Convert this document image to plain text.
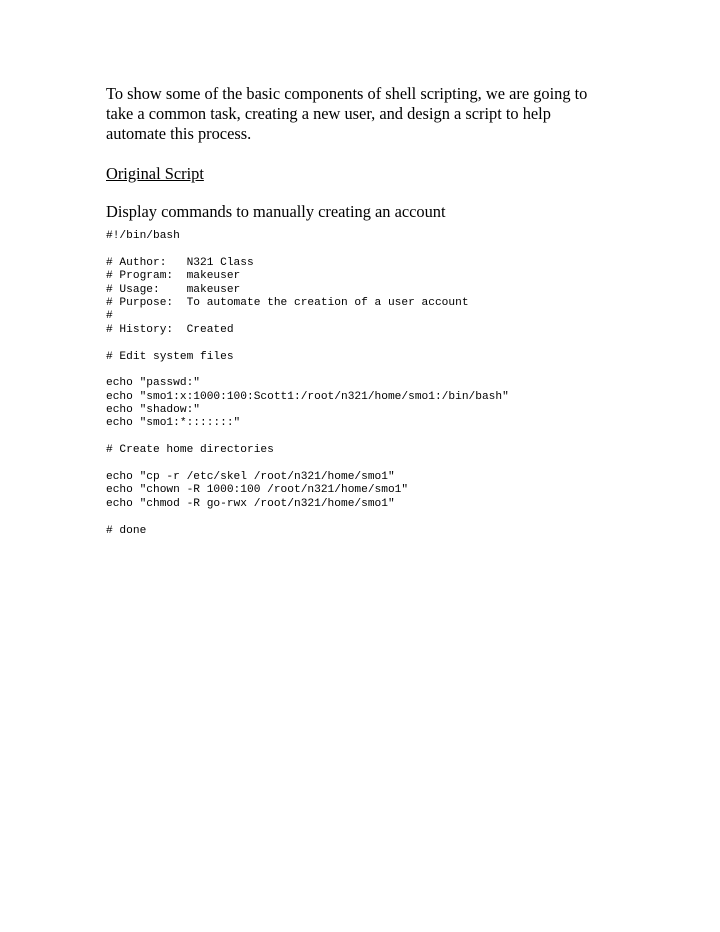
To show some of the basic components of shell scripting, we are going to take a common task, creating a new user, and design a script to help automate this process.

Original Script

Display commands to manually creating an account

#!/bin/bash
# Author:   N321 Class
# Program:  makeuser
# Usage:    makeuser
# Purpose:  To automate the creation of a user account
#
# History:  Created
# Edit system files
echo "passwd:"
echo "smo1:x:1000:100:Scott1:/root/n321/home/smo1:/bin/bash"
echo "shadow:"
echo "smo1:*:::::::"
# Create home directories
echo "cp -r /etc/skel /root/n321/home/smo1"
echo "chown -R 1000:100 /root/n321/home/smo1"
echo "chmod -R go-rwx /root/n321/home/smo1"
# done
